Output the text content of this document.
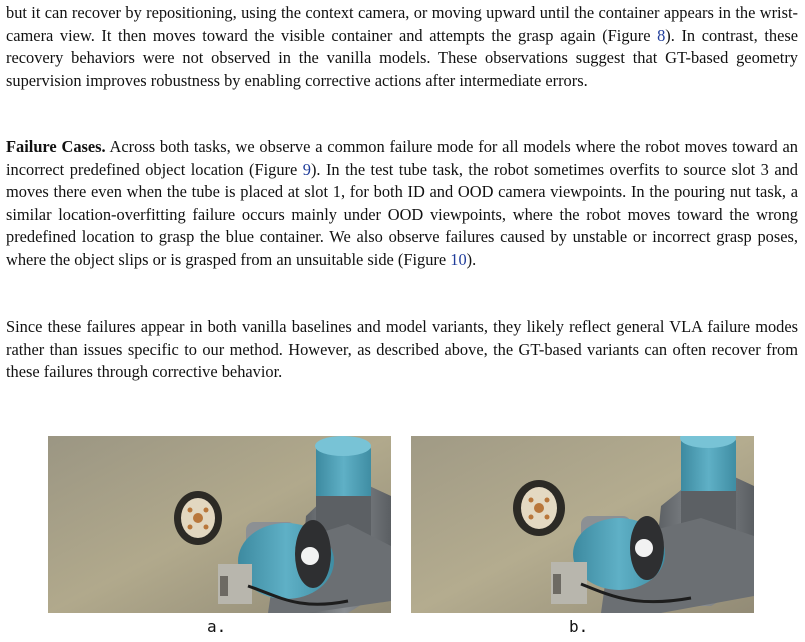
but it can recover by repositioning, using the context camera, or moving upward until the container appears in the wrist-camera view. It then moves toward the visible container and attempts the grasp again (Figure 8). In contrast, these recovery behaviors were not observed in the vanilla models. These observations suggest that GT-based geometry supervision improves robustness by enabling corrective actions after intermediate errors.

Failure Cases. Across both tasks, we observe a common failure mode for all models where the robot moves toward an incorrect predefined object location (Figure 9). In the test tube task, the robot sometimes overfits to source slot 3 and moves there even when the tube is placed at slot 1, for both ID and OOD camera viewpoints. In the pouring nut task, a similar location-overfitting failure occurs mainly under OOD viewpoints, where the robot moves toward the wrong predefined location to grasp the blue container. We also observe failures caused by unstable or incorrect grasp poses, where the object slips or is grasped from an unsuitable side (Figure 10).

Since these failures appear in both vanilla baselines and model variants, they likely reflect general VLA failure modes rather than issues specific to our method. However, as described above, the GT-based variants can often recover from these failures through corrective behavior.

a.	b.
